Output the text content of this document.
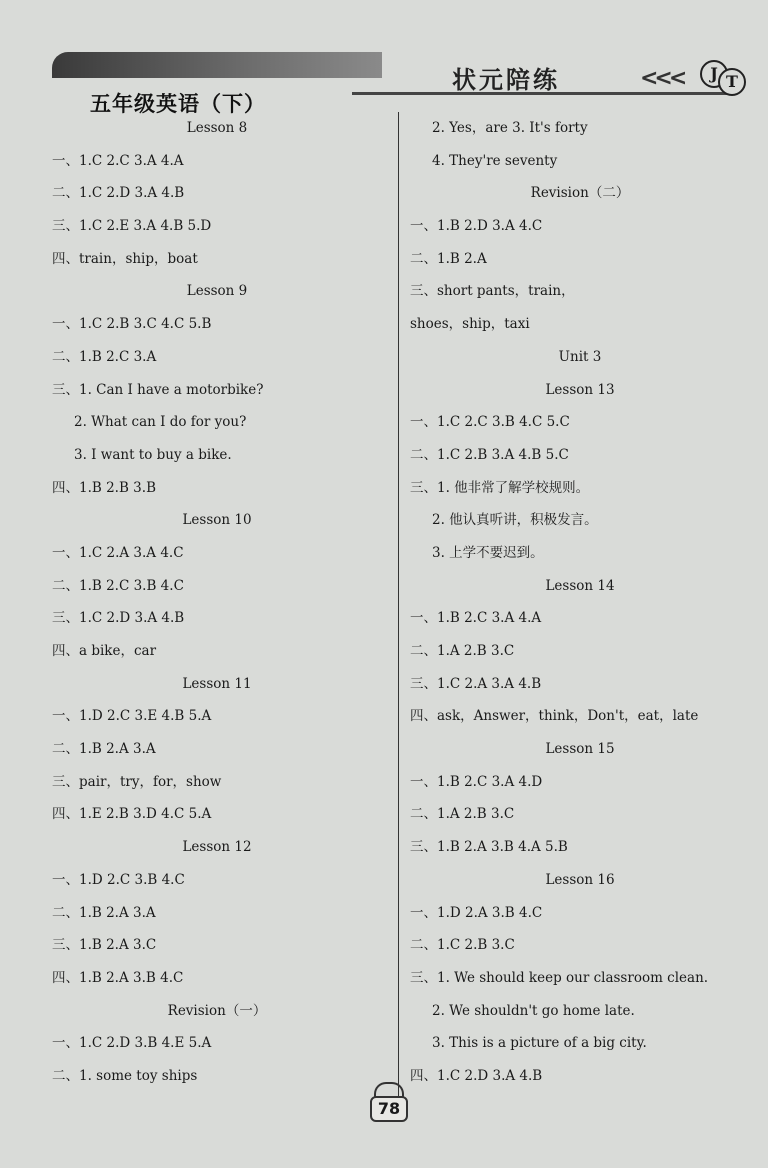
五年级英语（下）
状元陪练	<<<	J T
Lesson 8
一、1.C 2.C 3.A 4.A
二、1.C 2.D 3.A 4.B
三、1.C 2.E 3.A 4.B 5.D
四、train，ship，boat
Lesson 9
一、1.C 2.B 3.C 4.C 5.B
二、1.B 2.C 3.A
三、1. Can I have a motorbike?
2. What can I do for you?
3. I want to buy a bike.
四、1.B 2.B 3.B
Lesson 10
一、1.C 2.A 3.A 4.C
二、1.B 2.C 3.B 4.C
三、1.C 2.D 3.A 4.B
四、a bike，car
Lesson 11
一、1.D 2.C 3.E 4.B 5.A
二、1.B 2.A 3.A
三、pair，try，for，show
四、1.E 2.B 3.D 4.C 5.A
Lesson 12
一、1.D 2.C 3.B 4.C
二、1.B 2.A 3.A
三、1.B 2.A 3.C
四、1.B 2.A 3.B 4.C
Revision（一）
一、1.C 2.D 3.B 4.E 5.A
二、1. some toy ships
2. Yes，are 3. It's forty
4. They're seventy
Revision（二）
一、1.B 2.D 3.A 4.C
二、1.B 2.A
三、short pants，train，
shoes，ship，taxi
Unit 3
Lesson 13
一、1.C 2.C 3.B 4.C 5.C
二、1.C 2.B 3.A 4.B 5.C
三、1. 他非常了解学校规则。
2. 他认真听讲，积极发言。
3. 上学不要迟到。
Lesson 14
一、1.B 2.C 3.A 4.A
二、1.A 2.B 3.C
三、1.C 2.A 3.A 4.B
四、ask，Answer，think，Don't，eat，late
Lesson 15
一、1.B 2.C 3.A 4.D
二、1.A 2.B 3.C
三、1.B 2.A 3.B 4.A 5.B
Lesson 16
一、1.D 2.A 3.B 4.C
二、1.C 2.B 3.C
三、1. We should keep our classroom clean.
2. We shouldn't go home late.
3. This is a picture of a big city.
四、1.C 2.D 3.A 4.B
78
